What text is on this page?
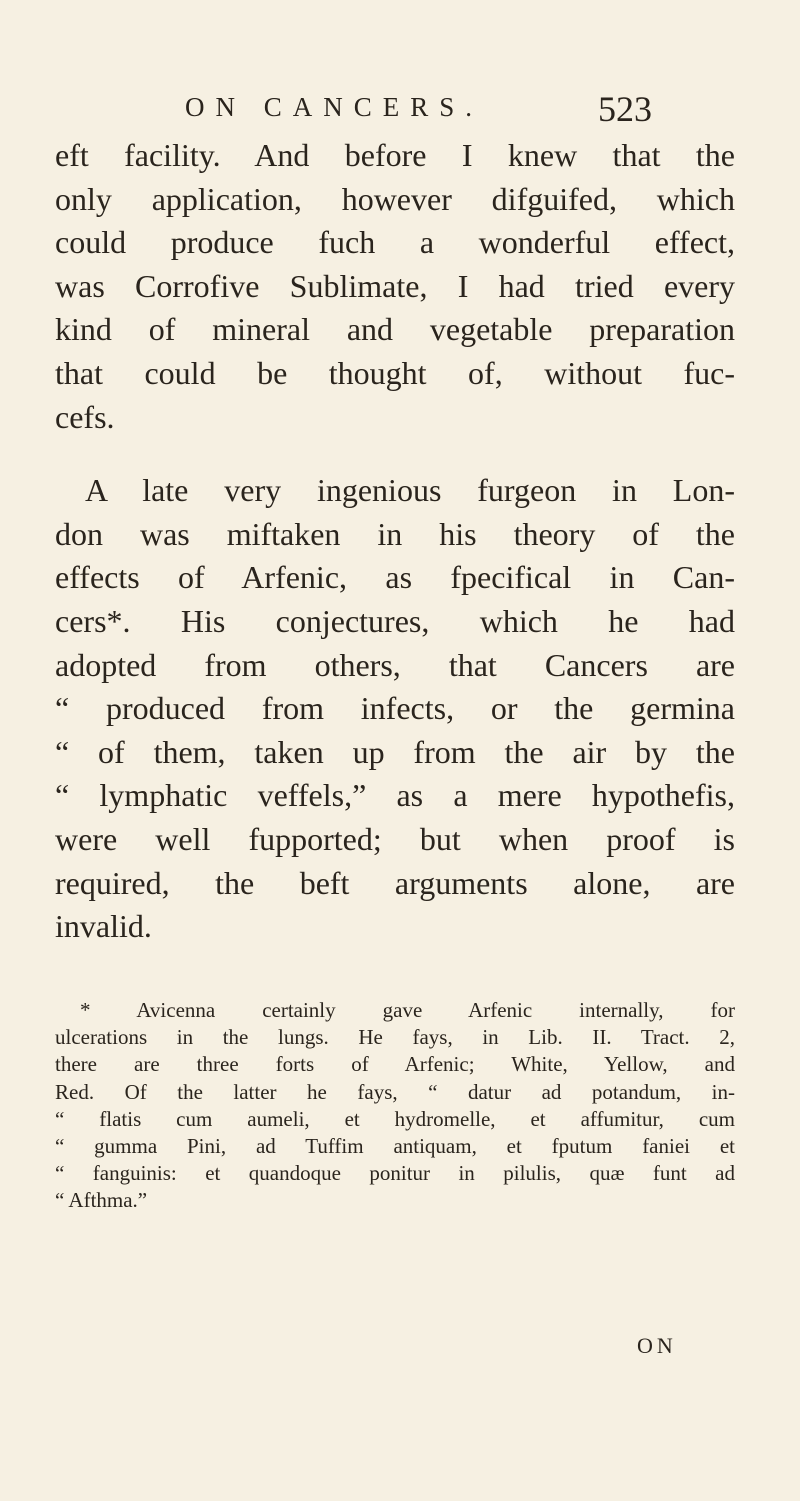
ON CANCERS.	523
eft facility. And before I knew that the
only application, however difguifed, which
could produce fuch a wonderful effect,
was Corrofive Sublimate, I had tried every
kind of mineral and vegetable preparation
that could be thought of, without fuc-
cefs.
A late very ingenious furgeon in Lon-
don was miftaken in his theory of the
effects of Arfenic, as fpecifical in Can-
cers*. His conjectures, which he had
adopted from others, that Cancers are
“ produced from infects, or the germina
“ of them, taken up from the air by the
“ lymphatic veffels,” as a mere hypothefis,
were well fupported; but when proof is
required, the beft arguments alone, are
invalid.
* Avicenna certainly gave Arfenic internally, for
ulcerations in the lungs. He fays, in Lib. II. Tract. 2,
there are three forts of Arfenic; White, Yellow, and
Red. Of the latter he fays, “ datur ad potandum, in-
“ flatis cum aumeli, et hydromelle, et affumitur, cum
“ gumma Pini, ad Tuffim antiquam, et fputum faniei et
“ fanguinis: et quandoque ponitur in pilulis, quæ funt ad
“ Afthma.”
ON
